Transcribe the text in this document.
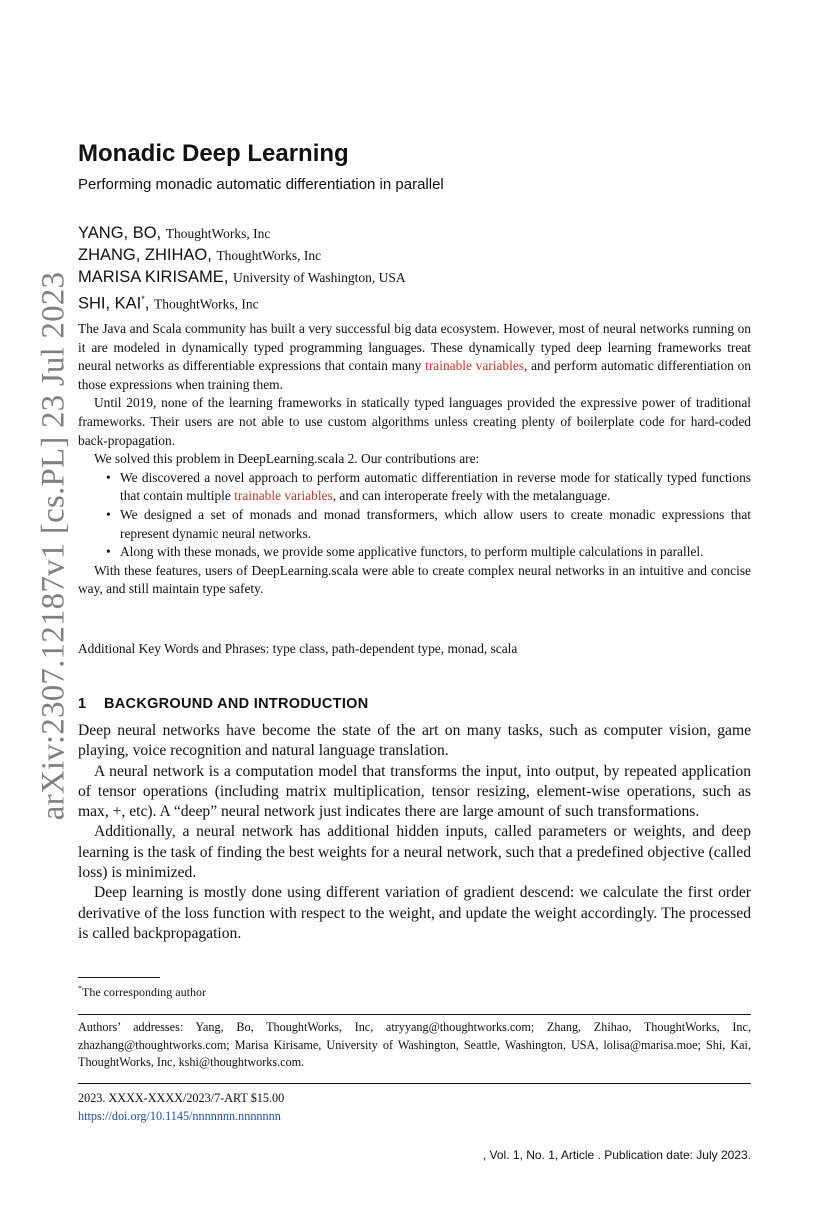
arXiv:2307.12187v1 [cs.PL] 23 Jul 2023
Monadic Deep Learning
Performing monadic automatic differentiation in parallel
YANG, BO, ThoughtWorks, Inc
ZHANG, ZHIHAO, ThoughtWorks, Inc
MARISA KIRISAME, University of Washington, USA
SHI, KAI*, ThoughtWorks, Inc

The Java and Scala community has built a very successful big data ecosystem. However, most of neural networks running on it are modeled in dynamically typed programming languages. These dynamically typed deep learning frameworks treat neural networks as differentiable expressions that contain many trainable variables, and perform automatic differentiation on those expressions when training them.

Until 2019, none of the learning frameworks in statically typed languages provided the expressive power of traditional frameworks. Their users are not able to use custom algorithms unless creating plenty of boilerplate code for hard-coded back-propagation.

We solved this problem in DeepLearning.scala 2. Our contributions are:

• We discovered a novel approach to perform automatic differentiation in reverse mode for statically typed functions that contain multiple trainable variables, and can interoperate freely with the metalanguage.
• We designed a set of monads and monad transformers, which allow users to create monadic expressions that represent dynamic neural networks.
• Along with these monads, we provide some applicative functors, to perform multiple calculations in parallel.

With these features, users of DeepLearning.scala were able to create complex neural networks in an intuitive and concise way, and still maintain type safety.

Additional Key Words and Phrases: type class, path-dependent type, monad, scala
1 BACKGROUND AND INTRODUCTION

Deep neural networks have become the state of the art on many tasks, such as computer vision, game playing, voice recognition and natural language translation.

A neural network is a computation model that transforms the input, into output, by repeated application of tensor operations (including matrix multiplication, tensor resizing, element-wise operations, such as max, +, etc). A “deep” neural network just indicates there are large amount of such transformations.

Additionally, a neural network has additional hidden inputs, called parameters or weights, and deep learning is the task of finding the best weights for a neural network, such that a predefined objective (called loss) is minimized.

Deep learning is mostly done using different variation of gradient descend: we calculate the first order derivative of the loss function with respect to the weight, and update the weight accordingly. The processed is called backpropagation.

*The corresponding author
Authors’ addresses: Yang, Bo, ThoughtWorks, Inc, atryyang@thoughtworks.com; Zhang, Zhihao, ThoughtWorks, Inc, zhazhang@thoughtworks.com; Marisa Kirisame, University of Washington, Seattle, Washington, USA, lolisa@marisa.moe; Shi, Kai, ThoughtWorks, Inc, kshi@thoughtworks.com.
2023. XXXX-XXXX/2023/7-ART $15.00
https://doi.org/10.1145/nnnnnnn.nnnnnnn
, Vol. 1, No. 1, Article . Publication date: July 2023.
